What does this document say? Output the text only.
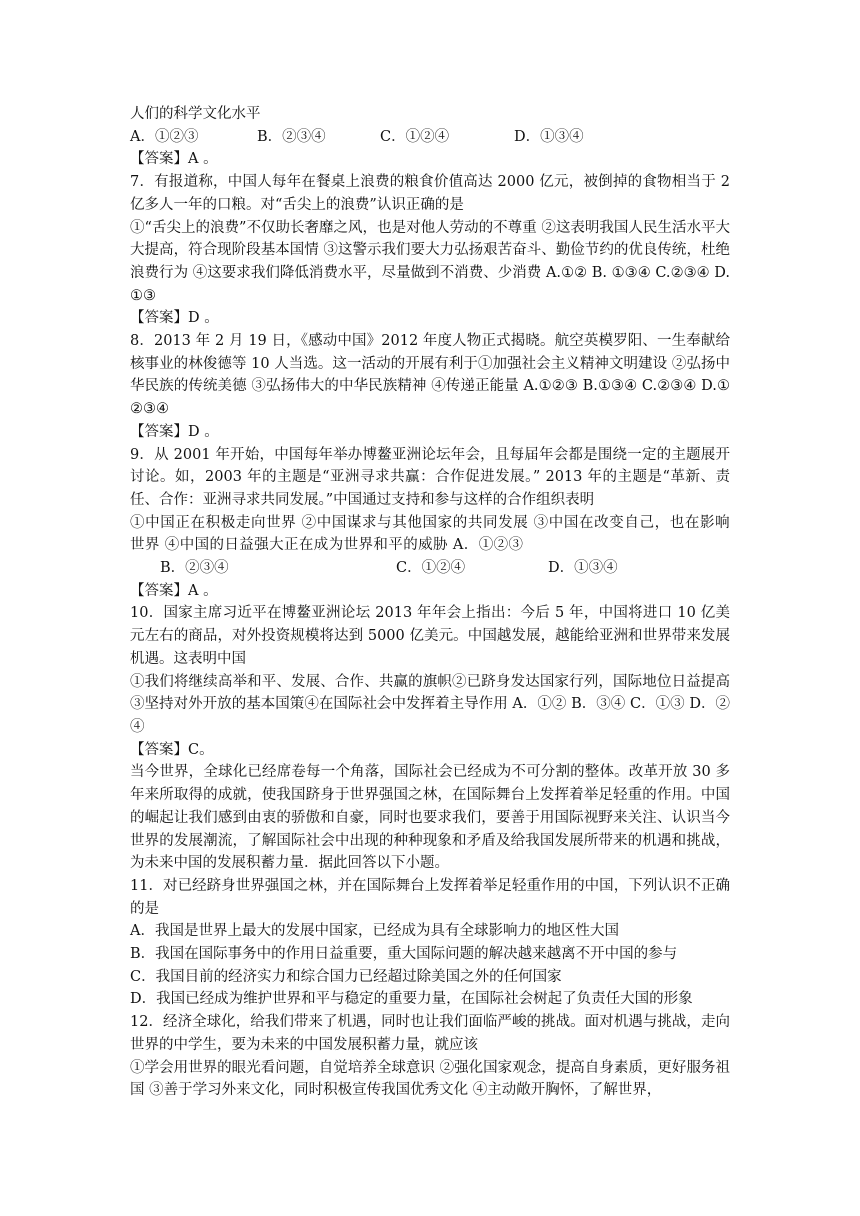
人们的科学文化水平

A．①②③	B．②③④	C．①②④	D．①③④

【答案】A 。

7．有报道称，中国人每年在餐桌上浪费的粮食价值高达 2000 亿元，被倒掉的食物相当于 2 亿多人一年的口粮。对“舌尖上的浪费”认识正确的是

①“舌尖上的浪费”不仅助长奢靡之风，也是对他人劳动的不尊重 ②这表明我国人民生活水平大大提高，符合现阶段基本国情 ③这警示我们要大力弘扬艰苦奋斗、勤俭节约的优良传统，杜绝浪费行为 ④这要求我们降低消费水平，尽量做到不消费、少消费 A.①② B. ①③④ C.②③④ D.①③

【答案】D 。

8．2013 年 2 月 19 日，《感动中国》2012 年度人物正式揭晓。航空英模罗阳、一生奉献给核事业的林俊德等 10 人当选。这一活动的开展有利于①加强社会主义精神文明建设 ②弘扬中华民族的传统美德 ③弘扬伟大的中华民族精神 ④传递正能量 A.①②③ B.①③④ C.②③④ D.①②③④

【答案】D 。

9．从 2001 年开始，中国每年举办博鳌亚洲论坛年会，且每届年会都是围绕一定的主题展开讨论。如，2003 年的主题是“亚洲寻求共赢：合作促进发展。” 2013 年的主题是“革新、责任、合作：亚洲寻求共同发展。”中国通过支持和参与这样的合作组织表明

①中国正在积极走向世界 ②中国谋求与其他国家的共同发展 ③中国在改变自己，也在影响世界 ④中国的日益强大正在成为世界和平的威胁 A．①②③

B．②③④	C．①②④	D．①③④

【答案】A 。

10．国家主席习近平在博鳌亚洲论坛 2013 年年会上指出：今后 5 年，中国将进口 10 亿美元左右的商品，对外投资规模将达到 5000 亿美元。中国越发展，越能给亚洲和世界带来发展机遇。这表明中国

①我们将继续高举和平、发展、合作、共赢的旗帜②已跻身发达国家行列，国际地位日益提高③坚持对外开放的基本国策④在国际社会中发挥着主导作用 A．①② B．③④ C．①③ D．②④

【答案】C。

当今世界，全球化已经席卷每一个角落，国际社会已经成为不可分割的整体。改革开放 30 多年来所取得的成就，使我国跻身于世界强国之林，在国际舞台上发挥着举足轻重的作用。中国的崛起让我们感到由衷的骄傲和自豪，同时也要求我们，要善于用国际视野来关注、认识当今世界的发展潮流，了解国际社会中出现的种种现象和矛盾及给我国发展所带来的机遇和挑战，为未来中国的发展积蓄力量．据此回答以下小题。

11．对已经跻身世界强国之林，并在国际舞台上发挥着举足轻重作用的中国，下列认识不正确的是

A．我国是世界上最大的发展中国家，已经成为具有全球影响力的地区性大国

B．我国在国际事务中的作用日益重要，重大国际问题的解决越来越离不开中国的参与

C．我国目前的经济实力和综合国力已经超过除美国之外的任何国家

D．我国已经成为维护世界和平与稳定的重要力量，在国际社会树起了负责任大国的形象

12．经济全球化，给我们带来了机遇，同时也让我们面临严峻的挑战。面对机遇与挑战，走向世界的中学生，要为未来的中国发展积蓄力量，就应该

①学会用世界的眼光看问题，自觉培养全球意识 ②强化国家观念，提高自身素质，更好服务祖国 ③善于学习外来文化，同时积极宣传我国优秀文化 ④主动敞开胸怀，了解世界，
